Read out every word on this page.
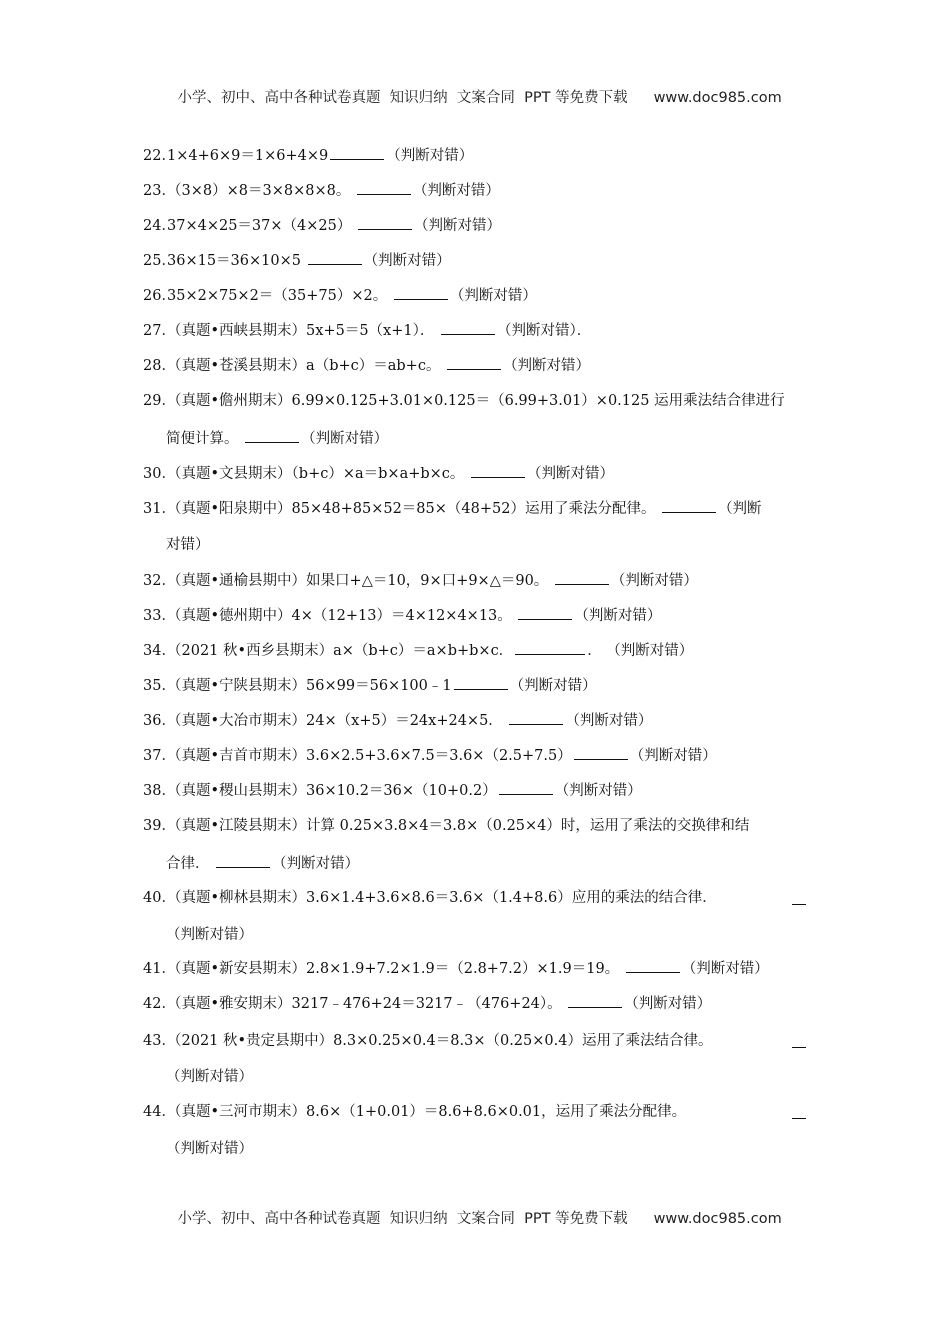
小学、初中、高中各种试卷真题  知识归纳  文案合同  PPT 等免费下载 www.doc985.com

22．1×4+6×9＝1×6+4×9	（判断对错）
23．（3×8）×8＝3×8×8×8。	（判断对错）
24．37×4×25＝37×（4×25）	（判断对错）
25．36×15＝36×10×5	（判断对错）
26．35×2×75×2＝（35+75）×2。	（判断对错）
27．（真题•西峡县期末）5x+5＝5（x+1）．	（判断对错）．
28．（真题•苍溪县期末）a（b+c）＝ab+c。	（判断对错）
29．（真题•儋州期末）6.99×0.125+3.01×0.125＝（6.99+3.01）×0.125 运用乘法结合律进行
简便计算。	（判断对错）
30．（真题•文县期末）（b+c）×a＝b×a+b×c。	（判断对错）
31．（真题•阳泉期中）85×48+85×52＝85×（48+52）运用了乘法分配律。	（判断
对错）
32．（真题•通榆县期中）如果口+△＝10，9×口+9×△＝90。	（判断对错）
33．（真题•德州期中）4×（12+13）＝4×12×4×13。	（判断对错）
34．（2021 秋•西乡县期末）a×（b+c）＝a×b+b×c．	． （判断对错）
35．（真题•宁陕县期末）56×99＝56×100﹣1	（判断对错）
36．（真题•大冶市期末）24×（x+5）＝24x+24×5．	（判断对错）
37．（真题•吉首市期末）3.6×2.5+3.6×7.5＝3.6×（2.5+7.5）	（判断对错）
38．（真题•稷山县期末）36×10.2＝36×（10+0.2）	（判断对错）
39．（真题•江陵县期末）计算 0.25×3.8×4＝3.8×（0.25×4）时，运用了乘法的交换律和结
合律．	（判断对错）
40．（真题•柳林县期末）3.6×1.4+3.6×8.6＝3.6×（1.4+8.6）应用的乘法的结合律．
（判断对错）
41．（真题•新安县期末）2.8×1.9+7.2×1.9＝（2.8+7.2）×1.9＝19。	（判断对错）
42．（真题•雅安期末）3217﹣476+24＝3217﹣（476+24）。	（判断对错）
43．（2021 秋•贵定县期中）8.3×0.25×0.4＝8.3×（0.25×0.4）运用了乘法结合律。
（判断对错）
44．（真题•三河市期末）8.6×（1+0.01）＝8.6+8.6×0.01，运用了乘法分配律。
（判断对错）

小学、初中、高中各种试卷真题  知识归纳  文案合同  PPT 等免费下载 www.doc985.com
